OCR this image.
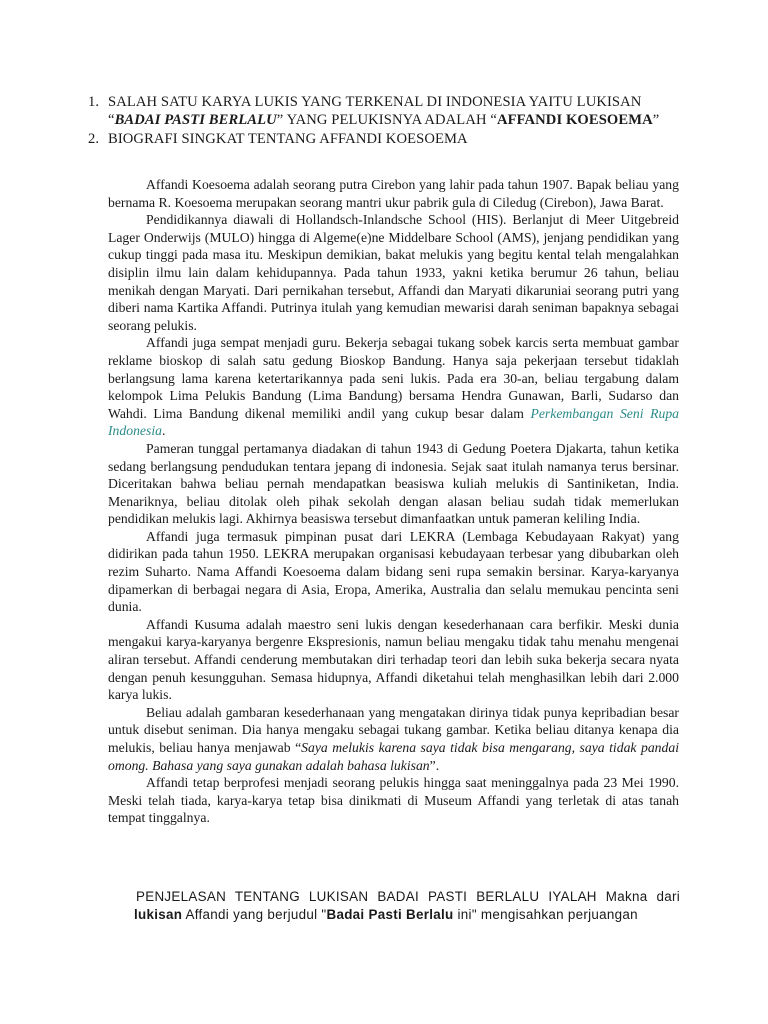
1. SALAH SATU KARYA LUKIS YANG TERKENAL DI INDONESIA YAITU LUKISAN “BADAI PASTI BERLALU” YANG PELUKISNYA ADALAH “AFFANDI KOESOEMA”
2. BIOGRAFI SINGKAT TENTANG AFFANDI KOESOEMA

Affandi Koesoema adalah seorang putra Cirebon yang lahir pada tahun 1907. Bapak beliau yang bernama R. Koesoema merupakan seorang mantri ukur pabrik gula di Ciledug (Cirebon), Jawa Barat.

Pendidikannya diawali di Hollandsch-Inlandsche School (HIS). Berlanjut di Meer Uitgebreid Lager Onderwijs (MULO) hingga di Algeme(e)ne Middelbare School (AMS), jenjang pendidikan yang cukup tinggi pada masa itu. Meskipun demikian, bakat melukis yang begitu kental telah mengalahkan disiplin ilmu lain dalam kehidupannya. Pada tahun 1933, yakni ketika berumur 26 tahun, beliau menikah dengan Maryati. Dari pernikahan tersebut, Affandi dan Maryati dikaruniai seorang putri yang diberi nama Kartika Affandi. Putrinya itulah yang kemudian mewarisi darah seniman bapaknya sebagai seorang pelukis.

Affandi juga sempat menjadi guru. Bekerja sebagai tukang sobek karcis serta membuat gambar reklame bioskop di salah satu gedung Bioskop Bandung. Hanya saja pekerjaan tersebut tidaklah berlangsung lama karena ketertarikannya pada seni lukis. Pada era 30-an, beliau tergabung dalam kelompok Lima Pelukis Bandung (Lima Bandung) bersama Hendra Gunawan, Barli, Sudarso dan Wahdi. Lima Bandung dikenal memiliki andil yang cukup besar dalam Perkembangan Seni Rupa Indonesia.

Pameran tunggal pertamanya diadakan di tahun 1943 di Gedung Poetera Djakarta, tahun ketika sedang berlangsung pendudukan tentara jepang di indonesia. Sejak saat itulah namanya terus bersinar. Diceritakan bahwa beliau pernah mendapatkan beasiswa kuliah melukis di Santiniketan, India. Menariknya, beliau ditolak oleh pihak sekolah dengan alasan beliau sudah tidak memerlukan pendidikan melukis lagi. Akhirnya beasiswa tersebut dimanfaatkan untuk pameran keliling India.

Affandi juga termasuk pimpinan pusat dari LEKRA (Lembaga Kebudayaan Rakyat) yang didirikan pada tahun 1950. LEKRA merupakan organisasi kebudayaan terbesar yang dibubarkan oleh rezim Suharto. Nama Affandi Koesoema dalam bidang seni rupa semakin bersinar. Karya-karyanya dipamerkan di berbagai negara di Asia, Eropa, Amerika, Australia dan selalu memukau pencinta seni dunia.

Affandi Kusuma adalah maestro seni lukis dengan kesederhanaan cara berfikir. Meski dunia mengakui karya-karyanya bergenre Ekspresionis, namun beliau mengaku tidak tahu menahu mengenai aliran tersebut. Affandi cenderung membutakan diri terhadap teori dan lebih suka bekerja secara nyata dengan penuh kesungguhan. Semasa hidupnya, Affandi diketahui telah menghasilkan lebih dari 2.000 karya lukis.

Beliau adalah gambaran kesederhanaan yang mengatakan dirinya tidak punya kepribadian besar untuk disebut seniman. Dia hanya mengaku sebagai tukang gambar. Ketika beliau ditanya kenapa dia melukis, beliau hanya menjawab “Saya melukis karena saya tidak bisa mengarang, saya tidak pandai omong. Bahasa yang saya gunakan adalah bahasa lukisan”.

Affandi tetap berprofesi menjadi seorang pelukis hingga saat meninggalnya pada 23 Mei 1990. Meski telah tiada, karya-karya tetap bisa dinikmati di Museum Affandi yang terletak di atas tanah tempat tinggalnya.

PENJELASAN TENTANG LUKISAN BADAI PASTI BERLALU IYALAH Makna dari lukisan Affandi yang berjudul "Badai Pasti Berlalu ini" mengisahkan perjuangan
